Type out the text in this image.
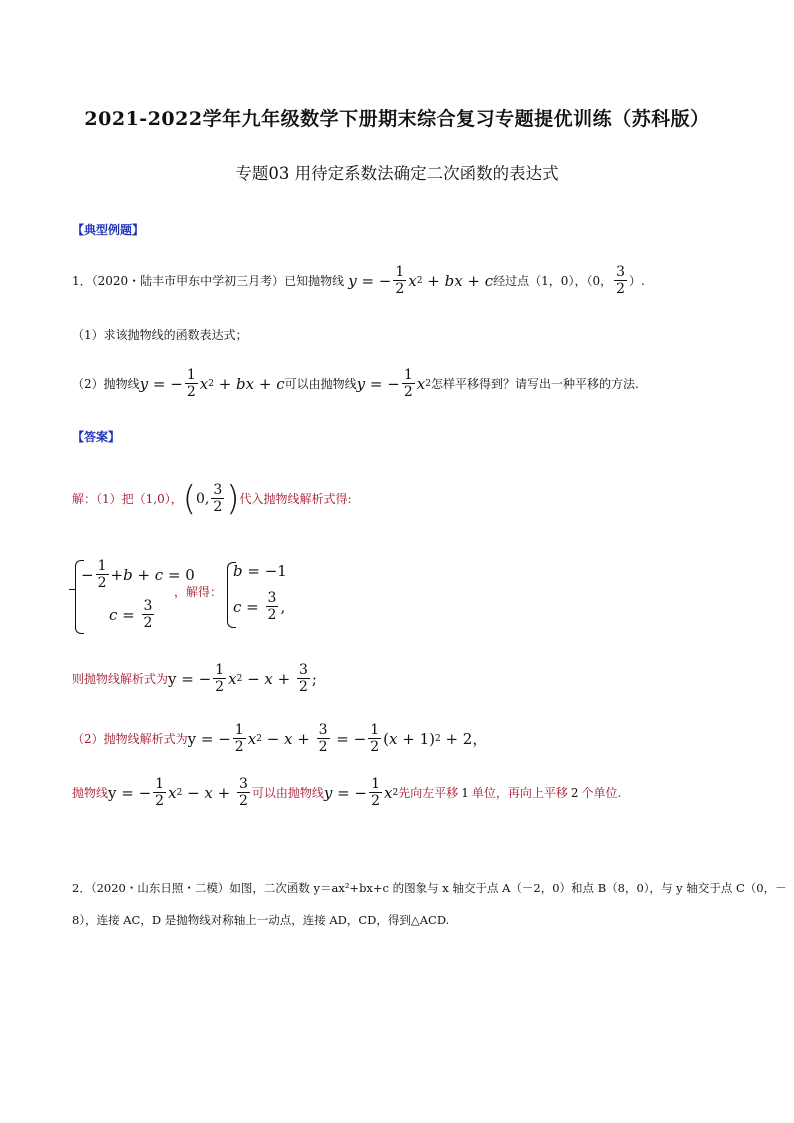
2021-2022学年九年级数学下册期末综合复习专题提优训练（苏科版）
专题03 用待定系数法确定二次函数的表达式
【典型例题】
1．（2020・陆丰市甲东中学初三月考）已知抛物线 y = − $\frac{1}{2}$ x 2 + bx + c 经过点（1，0），（0， $\frac{3}{2}$ ）.
（1）求该抛物线的函数表达式；
（2）抛物线 y = − $\frac{1}{2}$ x 2 + bx + c 可以由抛物线 y = − $\frac{1}{2}$ x 2 怎样平移得到？请写出一种平移的方法.
【答案】
解：（1）把（1,0）， ( 0, $\frac{3}{2}$ ) 代入抛物线解析式得:
− $\frac{1}{2} + b + c = 0$
$c = \frac{3}{2}$
，解得：
b = −1
$c = \frac{3}{2}$ ,
则抛物线解析式为 y = − $\frac{1}{2}$ x $2 - x + \frac{3}{2}$ ;
（2）抛物线解析式为 y = − $\frac{1}{2}$ x $2 - x + \frac{3}{2}$ = − $\frac{1}{2}$ ( x + 1) 2 + 2，
抛物线 y = − $\frac{1}{2}$ x $2 - x + \frac{3}{2}$ 可以由抛物线 y = − $\frac{1}{2}$ x 2 先向左平移 1 单位，再向上平移 2 个单位.
2．（2020・山东日照・二模）如图，二次函数 y＝ax²+bx+c 的图象与 x 轴交于点 A（－2，0）和点 B（8，0），与 y 轴交于点 C（0，－
8），连接 AC，D 是抛物线对称轴上一动点，连接 AD，CD，得到△ACD.
